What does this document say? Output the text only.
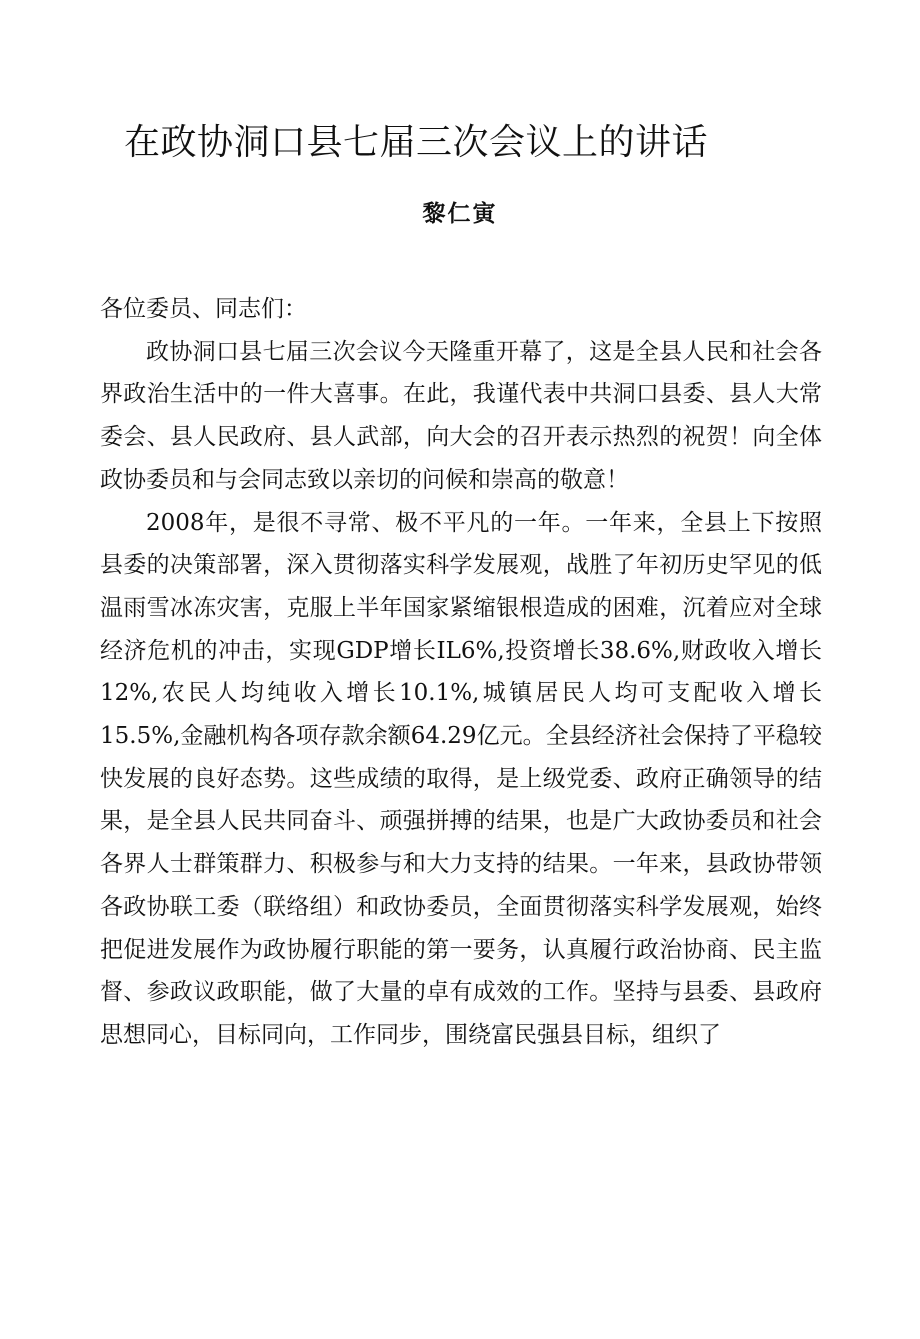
在政协洞口县七届三次会议上的讲话
黎仁寅

各位委员、同志们：

政协洞口县七届三次会议今天隆重开幕了，这是全县人民和社会各界政治生活中的一件大喜事。在此，我谨代表中共洞口县委、县人大常委会、县人民政府、县人武部，向大会的召开表示热烈的祝贺！向全体政协委员和与会同志致以亲切的问候和崇高的敬意！

2008年，是很不寻常、极不平凡的一年。一年来，全县上下按照县委的决策部署，深入贯彻落实科学发展观，战胜了年初历史罕见的低温雨雪冰冻灾害，克服上半年国家紧缩银根造成的困难，沉着应对全球经济危机的冲击，实现GDP增长IL6%,投资增长38.6%,财政收入增长12%,农民人均纯收入增长10.1%,城镇居民人均可支配收入增长15.5%,金融机构各项存款余额64.29亿元。全县经济社会保持了平稳较快发展的良好态势。这些成绩的取得，是上级党委、政府正确领导的结果，是全县人民共同奋斗、顽强拼搏的结果，也是广大政协委员和社会各界人士群策群力、积极参与和大力支持的结果。一年来，县政协带领各政协联工委（联络组）和政协委员，全面贯彻落实科学发展观，始终把促进发展作为政协履行职能的第一要务，认真履行政治协商、民主监督、参政议政职能，做了大量的卓有成效的工作。坚持与县委、县政府思想同心，目标同向，工作同步，围绕富民强县目标，组织了
